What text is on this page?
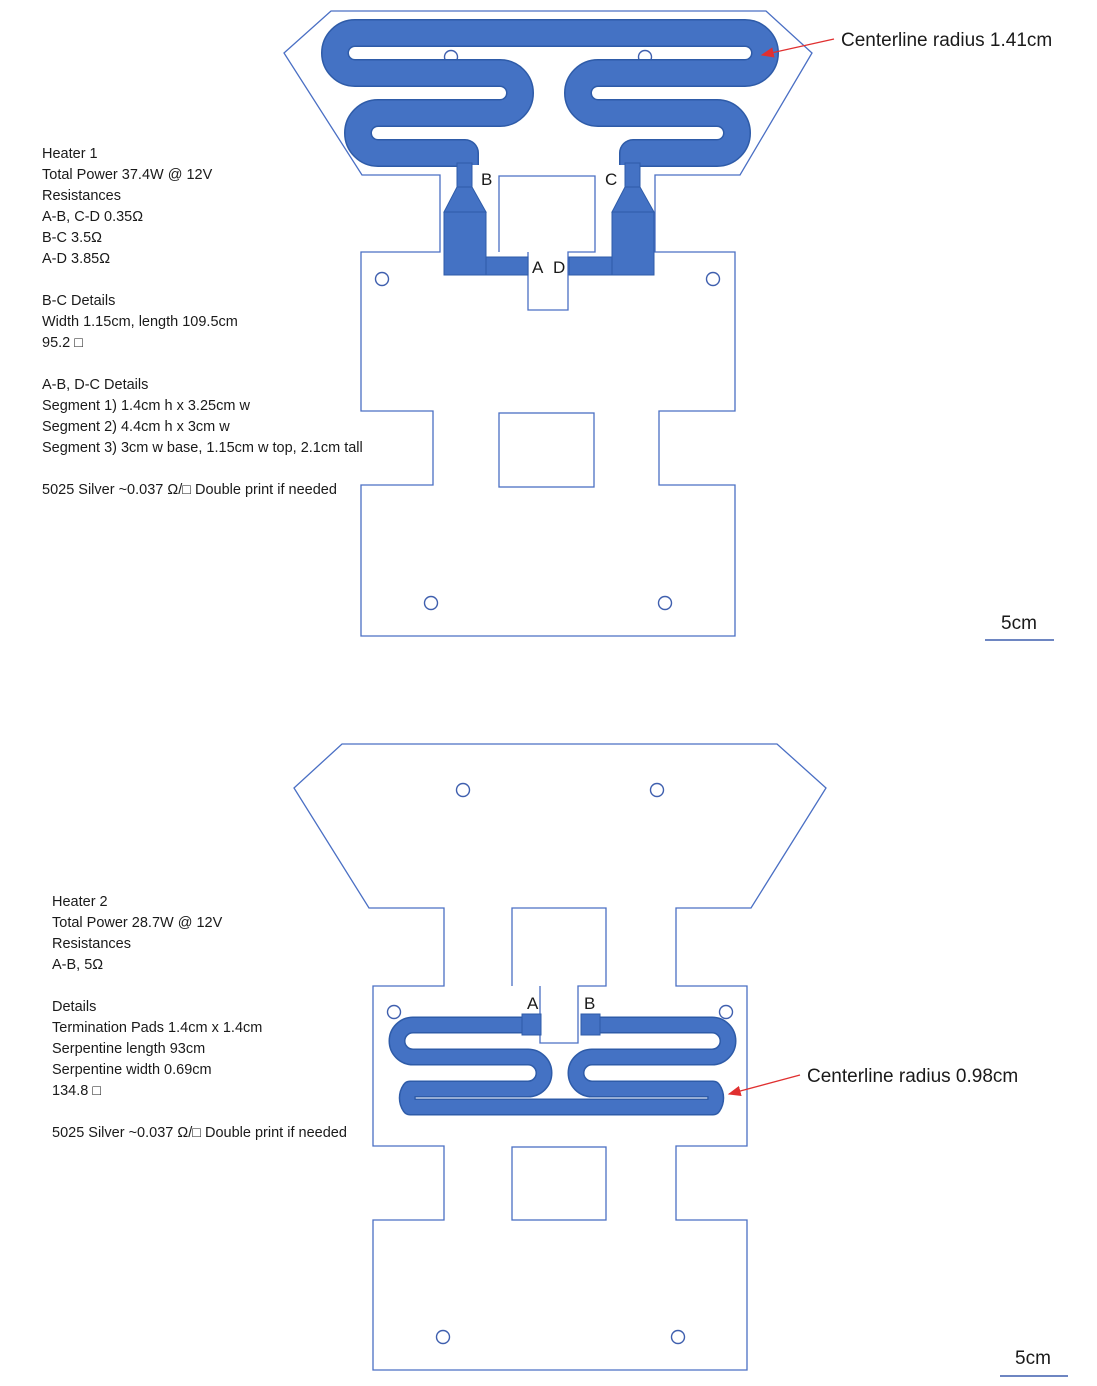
Heater 1
Total Power 37.4W @ 12V
Resistances
A-B, C-D 0.35Ω
B-C 3.5Ω
A-D 3.85Ω
B-C Details
Width 1.15cm, length 109.5cm
95.2 □
A-B, D-C Details
Segment 1) 1.4cm h x 3.25cm w
Segment 2) 4.4cm h x 3cm w
Segment 3) 3cm w base, 1.15cm w top, 2.1cm tall
5025 Silver ~0.037 Ω/□ Double print if needed
Heater 2
Total Power 28.7W @ 12V
Resistances
A-B, 5Ω
Details
Termination Pads 1.4cm x 1.4cm
Serpentine length 93cm
Serpentine width 0.69cm
134.8 □
5025 Silver ~0.037 Ω/□ Double print if needed
B	C
A D
Centerline radius 1.41cm
5cm
A	B
Centerline radius 0.98cm
5cm
